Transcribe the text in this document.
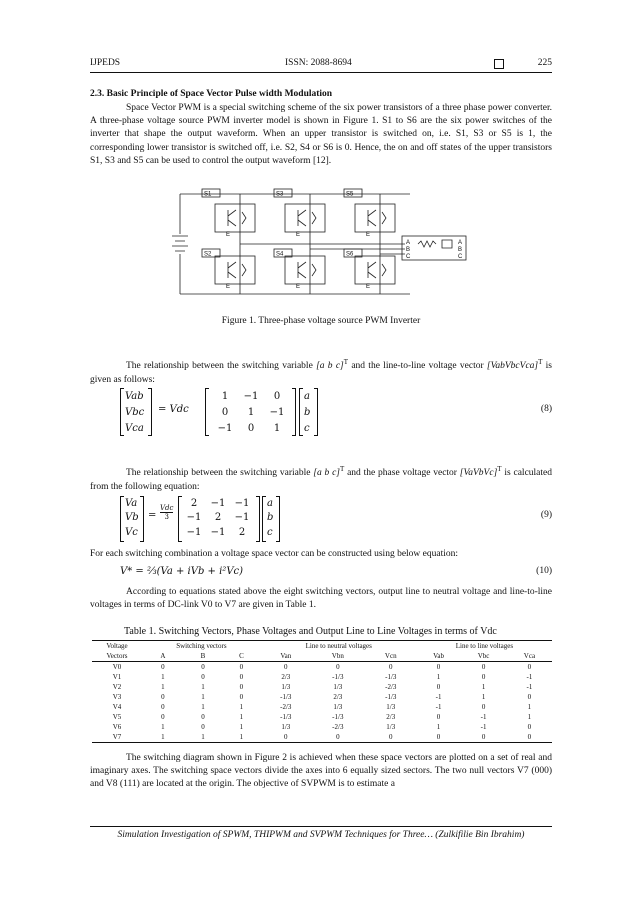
IJPEDS	ISSN: 2088-8694	225
2.3. Basic Principle of Space Vector Pulse width Modulation
Space Vector PWM is a special switching scheme of the six power transistors of a three phase power converter. A three-phase voltage source PWM inverter model is shown in Figure 1. S1 to S6 are the six power switches of the inverter that shape the output waveform. When an upper transistor is switched on, i.e. S1, S3 or S5 is 1, the corresponding lower transistor is switched off, i.e. S2, S4 or S6 is 0. Hence, the on and off states of the upper transistors S1, S3 and S5 can be used to control the output waveform [12].
S1	S3	S5
S2	S4	S6
E	E	E
E	E	E
A
B
C
A
B
C
Figure 1. Three-phase voltage source PWM Inverter
The relationship between the switching variable [a b c]$^T$ and the line-to-line voltage vector [VabVbcVca]$^T$ is given as follows:
Vab
Vbc
Vca
= Vdc
1	−1	0
0	1	−1
−1	0	1
a
b
c
(8)
The relationship between the switching variable [a b c]$^T$ and the phase voltage vector [VaVbVc]$^T$ is calculated from the following equation:
Va
Vb
Vc
=
Vdc
3
2	−1 −1
−1	2	−1
−1 −1	2
a
b
c
(9)
For each switching combination a voltage space vector can be constructed using below equation:
V* = ⅔(Va + iVb + i²Vc)	(10)
According to equations stated above the eight switching vectors, output line to neutral voltage and line-to-line voltages in terms of DC-link V0 to V7 are given in Table 1.
Table 1. Switching Vectors, Phase Voltages and Output Line to Line Voltages in terms of Vdc
Voltage	Switching vectors			Line to neutral voltages			Line to line voltages		
Vectors	A	B	C	Van	Vbn	Vcn	Vab	Vbc	Vca
V0	0	0	0	0	0	0	0	0	0
V1	1	0	0	2/3	-1/3	-1/3	1	0	-1
V2	1	1	0	1/3	1/3	-2/3	0	1	-1
V3	0	1	0	-1/3	2/3	-1/3	-1	1	0
V4	0	1	1	-2/3	1/3	1/3	-1	0	1
V5	0	0	1	-1/3	-1/3	2/3	0	-1	1
V6	1	0	1	1/3	-2/3	1/3	1	-1	0
V7	1	1	1	0	0	0	0	0	0
The switching diagram shown in Figure 2 is achieved when these space vectors are plotted on a set of real and imaginary axes. The switching space vectors divide the axes into 6 equally sized sectors. The two null vectors V7 (000) and V8 (111) are located at the origin. The objective of SVPWM is to estimate a
Simulation Investigation of SPWM, THIPWM and SVPWM Techniques for Three… (Zulkifilie Bin Ibrahim)
